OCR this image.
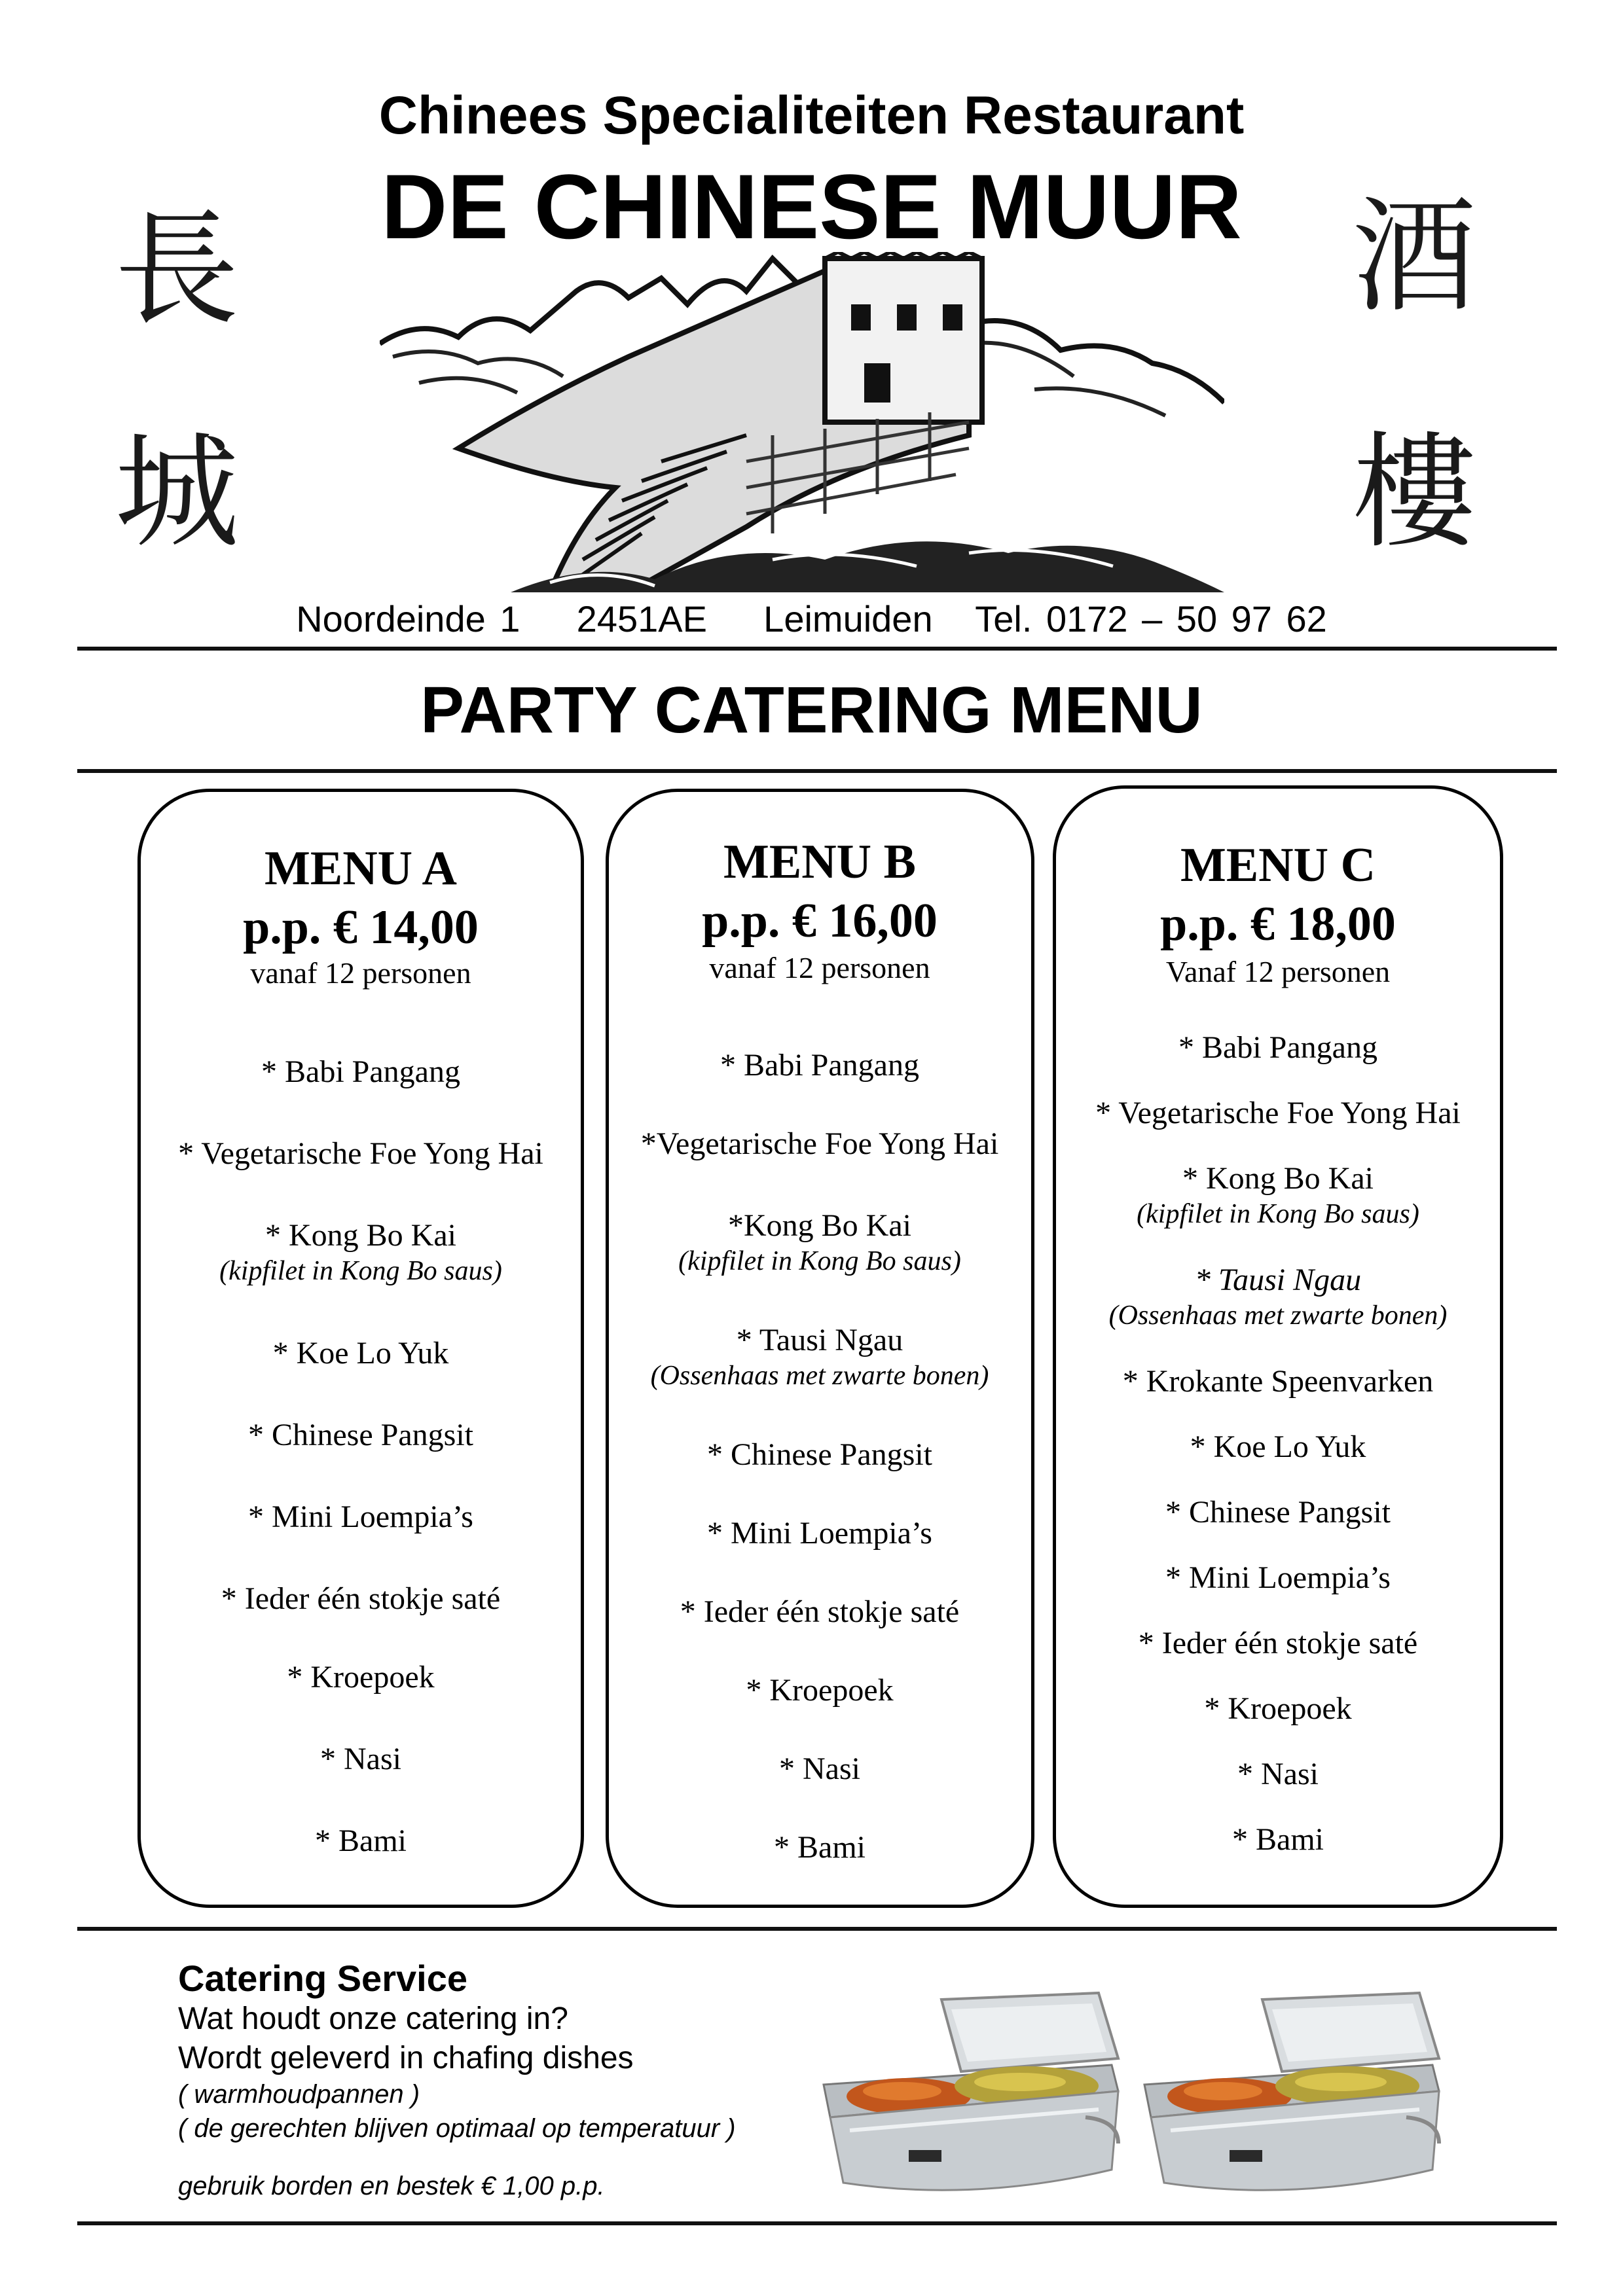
Chinees Specialiteiten Restaurant
DE CHINESE MUUR
長
城
酒
樓
Noordeinde 1    2451AE    Leimuiden   Tel. 0172 – 50 97 62
PARTY CATERING MENU
MENU A
p.p. € 14,00
vanaf 12 personen
* Babi Pangang
* Vegetarische Foe Yong Hai
* Kong Bo Kai
(kipfilet in Kong Bo saus)
* Koe Lo Yuk
* Chinese Pangsit
* Mini Loempia’s
* Ieder één stokje saté
* Kroepoek
* Nasi
* Bami
MENU B
p.p. € 16,00
vanaf 12 personen
* Babi Pangang
*Vegetarische Foe Yong Hai
*Kong Bo Kai
(kipfilet in Kong Bo saus)
* Tausi Ngau
(Ossenhaas met zwarte bonen)
* Chinese Pangsit
* Mini Loempia’s
* Ieder één stokje saté
* Kroepoek
* Nasi
* Bami
MENU C
p.p. € 18,00
Vanaf 12 personen
* Babi Pangang
* Vegetarische Foe Yong Hai
* Kong Bo Kai
(kipfilet in Kong Bo saus)
* Tausi Ngau
(Ossenhaas met zwarte bonen)
* Krokante Speenvarken
* Koe Lo Yuk
* Chinese Pangsit
* Mini Loempia’s
* Ieder één stokje saté
* Kroepoek
* Nasi
* Bami
Catering Service
Wat houdt onze catering in?
Wordt geleverd in chafing dishes
( warmhoudpannen )
( de gerechten blijven optimaal op temperatuur )
gebruik borden en bestek € 1,00 p.p.
